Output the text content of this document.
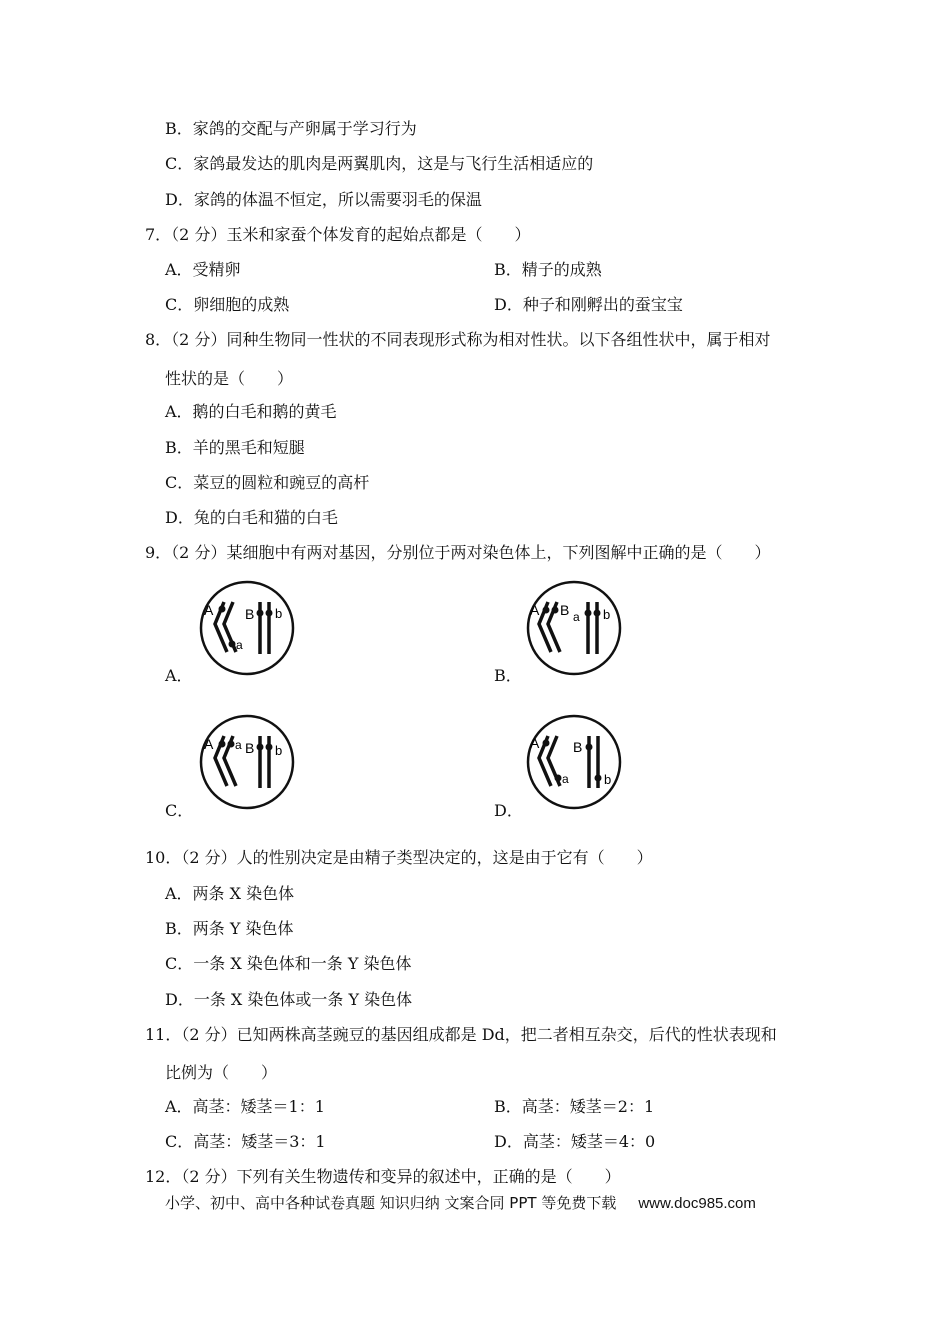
B．家鸽的交配与产卵属于学习行为
C．家鸽最发达的肌肉是两翼肌肉，这是与飞行生活相适应的
D．家鸽的体温不恒定，所以需要羽毛的保温
7．（2 分）玉米和家蚕个体发育的起始点都是（　　）
A．受精卵	B．精子的成熟
C．卵细胞的成熟	D．种子和刚孵出的蚕宝宝
8．（2 分）同种生物同一性状的不同表现形式称为相对性状。以下各组性状中，属于相对
性状的是（　　）
A．鹅的白毛和鹅的黄毛
B．羊的黑毛和短腿
C．菜豆的圆粒和豌豆的高杆
D．兔的白毛和猫的白毛
9．（2 分）某细胞中有两对基因，分别位于两对染色体上，下列图解中正确的是（　　）
A
a
B b
A．
A B a b
B．
A a B b
C．
A
a
B
b
D．
10．（2 分）人的性别决定是由精子类型决定的，这是由于它有（　　）
A．两条 X 染色体
B．两条 Y 染色体
C．一条 X 染色体和一条 Y 染色体
D．一条 X 染色体或一条 Y 染色体
11．（2 分）已知两株高茎豌豆的基因组成都是 Dd，把二者相互杂交，后代的性状表现和
比例为（　　）
A．高茎：矮茎＝1：1	B．高茎：矮茎＝2：1
C．高茎：矮茎＝3：1	D．高茎：矮茎＝4：0
12．（2 分）下列有关生物遗传和变异的叙述中，正确的是（　　）
小学、初中、高中各种试卷真题 知识归纳 文案合同 PPT 等免费下载 www.doc985.com
